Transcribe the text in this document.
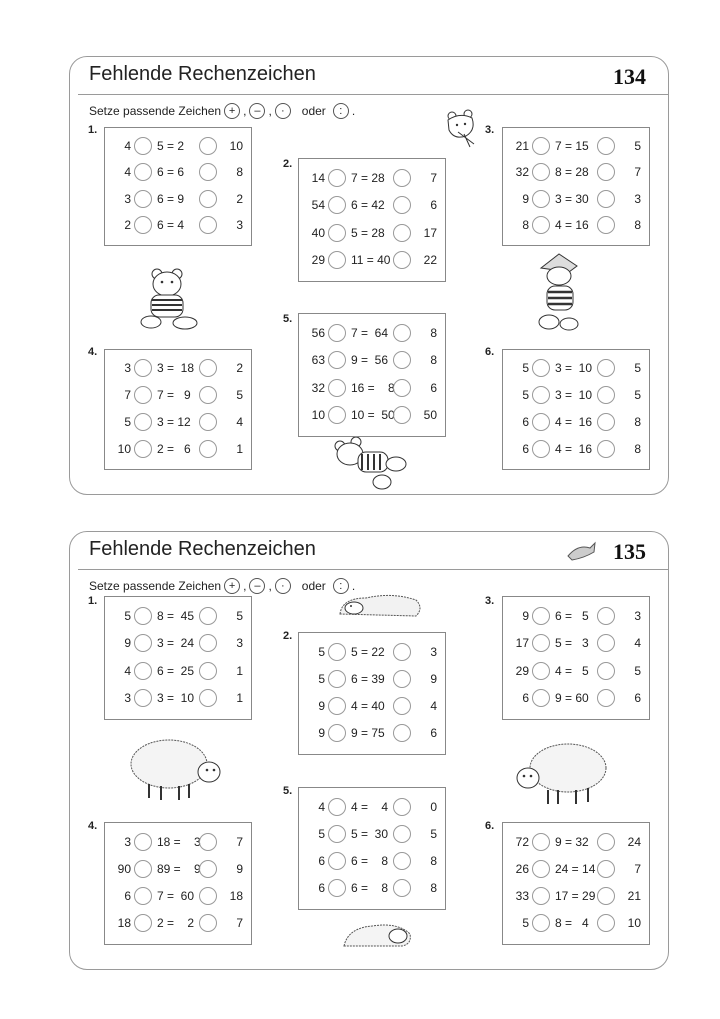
Fehlende Rechenzeichen	134
Setze passende Zeichen + , – , ·	oder	: .
Fehlende Rechenzeichen	135
Setze passende Zeichen + , – , ·	oder	: .
1.
4 5 = 2	10
4 6 = 6	8
3 6 = 9	2
2 6 = 4	3
2.
14 7 = 28	7
54 6 = 42	6
40 5 = 28	17
29 11 = 40	22
3.
21 7 = 15	5
32 8 = 28	7
9 3 = 30	3
8 4 = 16	8
4.
3 3 =  18	2
7 7 =   9	5
5 3 = 12	4
10 2 =   6	1
5.
56 7 =  64	8
63 9 =  56	8
32 16 =    8	6
10 10 =  50	50
6.
5 3 =  10	5
5 3 =  10	5
6 4 =  16	8
6 4 =  16	8
1.
5 8 =  45	5
9 3 =  24	3
4 6 =  25	1
3 3 =  10	1
2.
5 5 = 22	3
5 6 = 39	9
9 4 = 40	4
9 9 = 75	6
3.
9 6 =   5	3
17 5 =   3	4
29 4 =   5	5
6 9 = 60	6
4.
3 18 =    3	7
90 89 =    9	9
6 7 =  60	18
18 2 =    2	7
5.
4 4 =    4	0
5 5 =  30	5
6 6 =    8	8
6 6 =    8	8
6.
72 9 = 32	24
26 24 = 14	7
33 17 = 29	21
5 8 =   4	10
